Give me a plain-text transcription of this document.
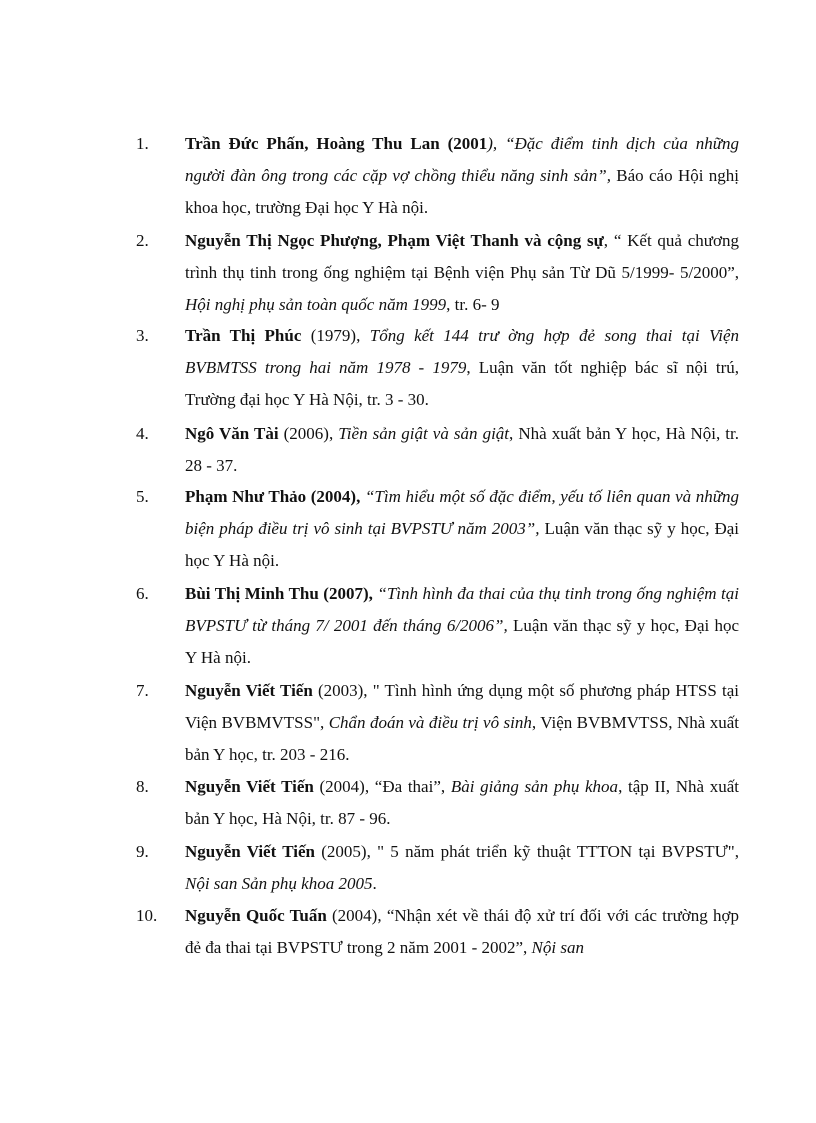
1. Trần Đức Phấn, Hoàng Thu Lan (2001), “Đặc điểm tinh dịch của những người đàn ông trong các cặp vợ chồng thiểu năng sinh sản”, Báo cáo Hội nghị khoa học, trường Đại học Y Hà nội.
2. Nguyễn Thị Ngọc Phượng, Phạm Việt Thanh và cộng sự, “ Kết quả chương trình thụ tinh trong ống nghiệm tại Bệnh viện Phụ sản Từ Dũ 5/1999- 5/2000”, Hội nghị phụ sản toàn quốc năm 1999, tr. 6- 9
3. Trần Thị Phúc (1979), Tổng kết 144 trư ờng hợp đẻ song thai tại Viện BVBMTSS trong hai năm 1978 - 1979, Luận văn tốt nghiệp bác sĩ nội trú, Trường đại học Y Hà Nội, tr. 3 - 30.
4. Ngô Văn Tài (2006), Tiền sản giật và sản giật, Nhà xuất bản Y học, Hà Nội, tr. 28 - 37.
5. Phạm Như Thảo (2004), “Tìm hiểu một số đặc điểm, yếu tố liên quan và những biện pháp điều trị vô sinh tại BVPSTƯ năm 2003”, Luận văn thạc sỹ y học, Đại học Y Hà nội.
6. Bùi Thị Minh Thu (2007), “Tình hình đa thai của thụ tinh trong ống nghiệm tại BVPSTƯ từ tháng 7/ 2001 đến tháng 6/2006”, Luận văn thạc sỹ y học, Đại học Y Hà nội.
7. Nguyễn Viết Tiến (2003), " Tình hình ứng dụng một số phương pháp HTSS tại Viện BVBMVTSS", Chẩn đoán và điều trị vô sinh, Viện BVBMVTSS, Nhà xuất bản Y học, tr. 203 - 216.
8. Nguyễn Viết Tiến (2004), “Đa thai”, Bài giảng sản phụ khoa, tập II, Nhà xuất bản Y học, Hà Nội, tr. 87 - 96.
9. Nguyễn Viết Tiến (2005), " 5 năm phát triển kỹ thuật TTTON tại BVPSTƯ", Nội san Sản phụ khoa 2005.
10. Nguyễn Quốc Tuấn (2004), “Nhận xét về thái độ xử trí đối với các trường hợp đẻ đa thai tại BVPSTƯ trong 2 năm 2001 - 2002”, Nội san
